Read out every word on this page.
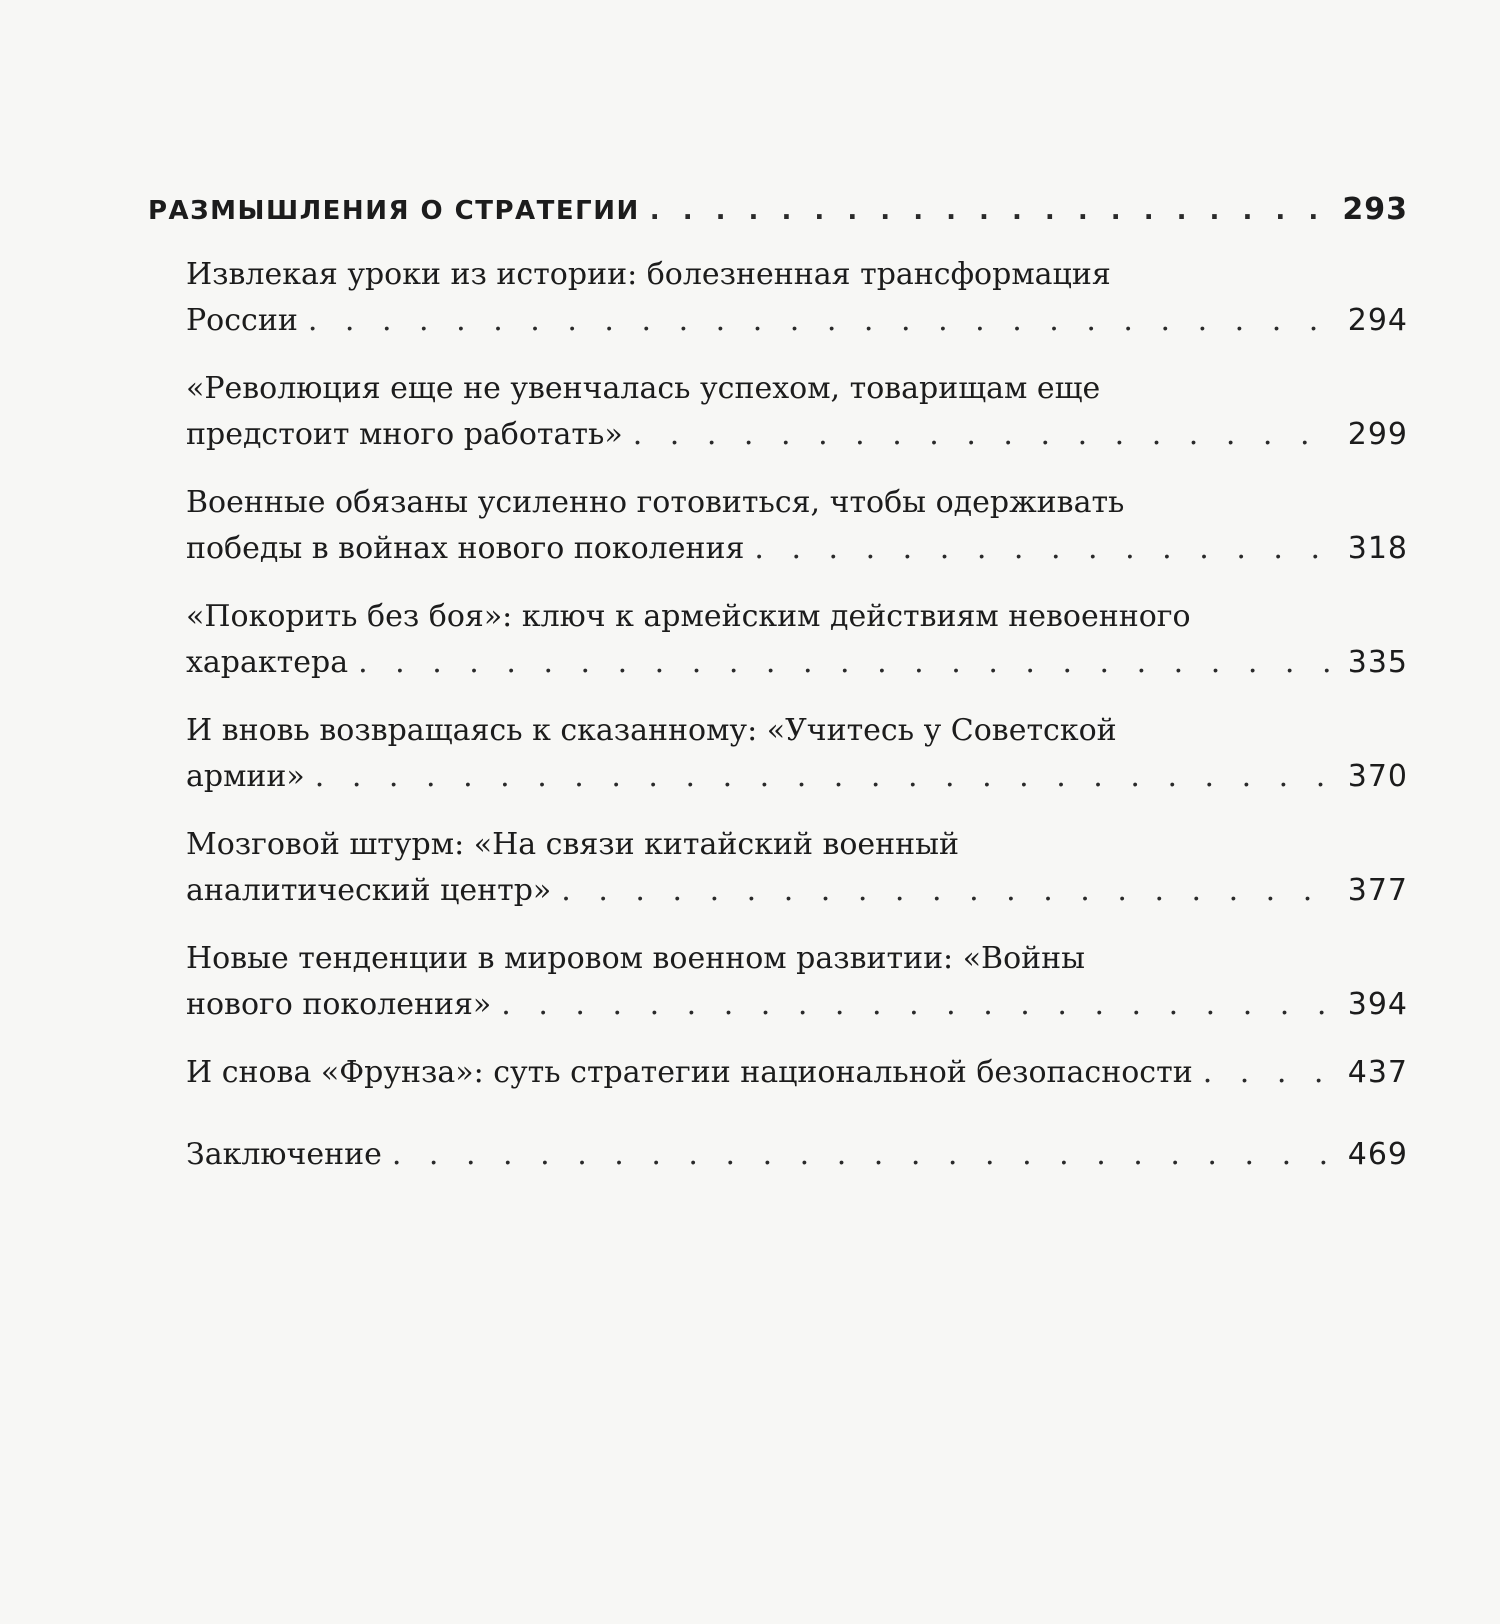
РАЗМЫШЛЕНИЯ О СТРАТЕГИИ . . .	293
Извлекая уроки из истории: болезненная трансформация
России . . .	294
«Революция еще не увенчалась успехом, товарищам еще
предстоит много работать» . . .	299
Военные обязаны усиленно готовиться, чтобы одерживать
победы в войнах нового поколения . . .	318
«Покорить без боя»: ключ к армейским действиям невоенного
характера . . .	335
И вновь возвращаясь к сказанному: «Учитесь у Советской
армии» . . .	370
Мозговой штурм: «На связи китайский военный
аналитический центр» . . .	377
Новые тенденции в мировом военном развитии: «Войны
нового поколения» . . .	394
И снова «Фрунза»: суть стратегии национальной безопасности . . .	437
Заключение . . .	469
